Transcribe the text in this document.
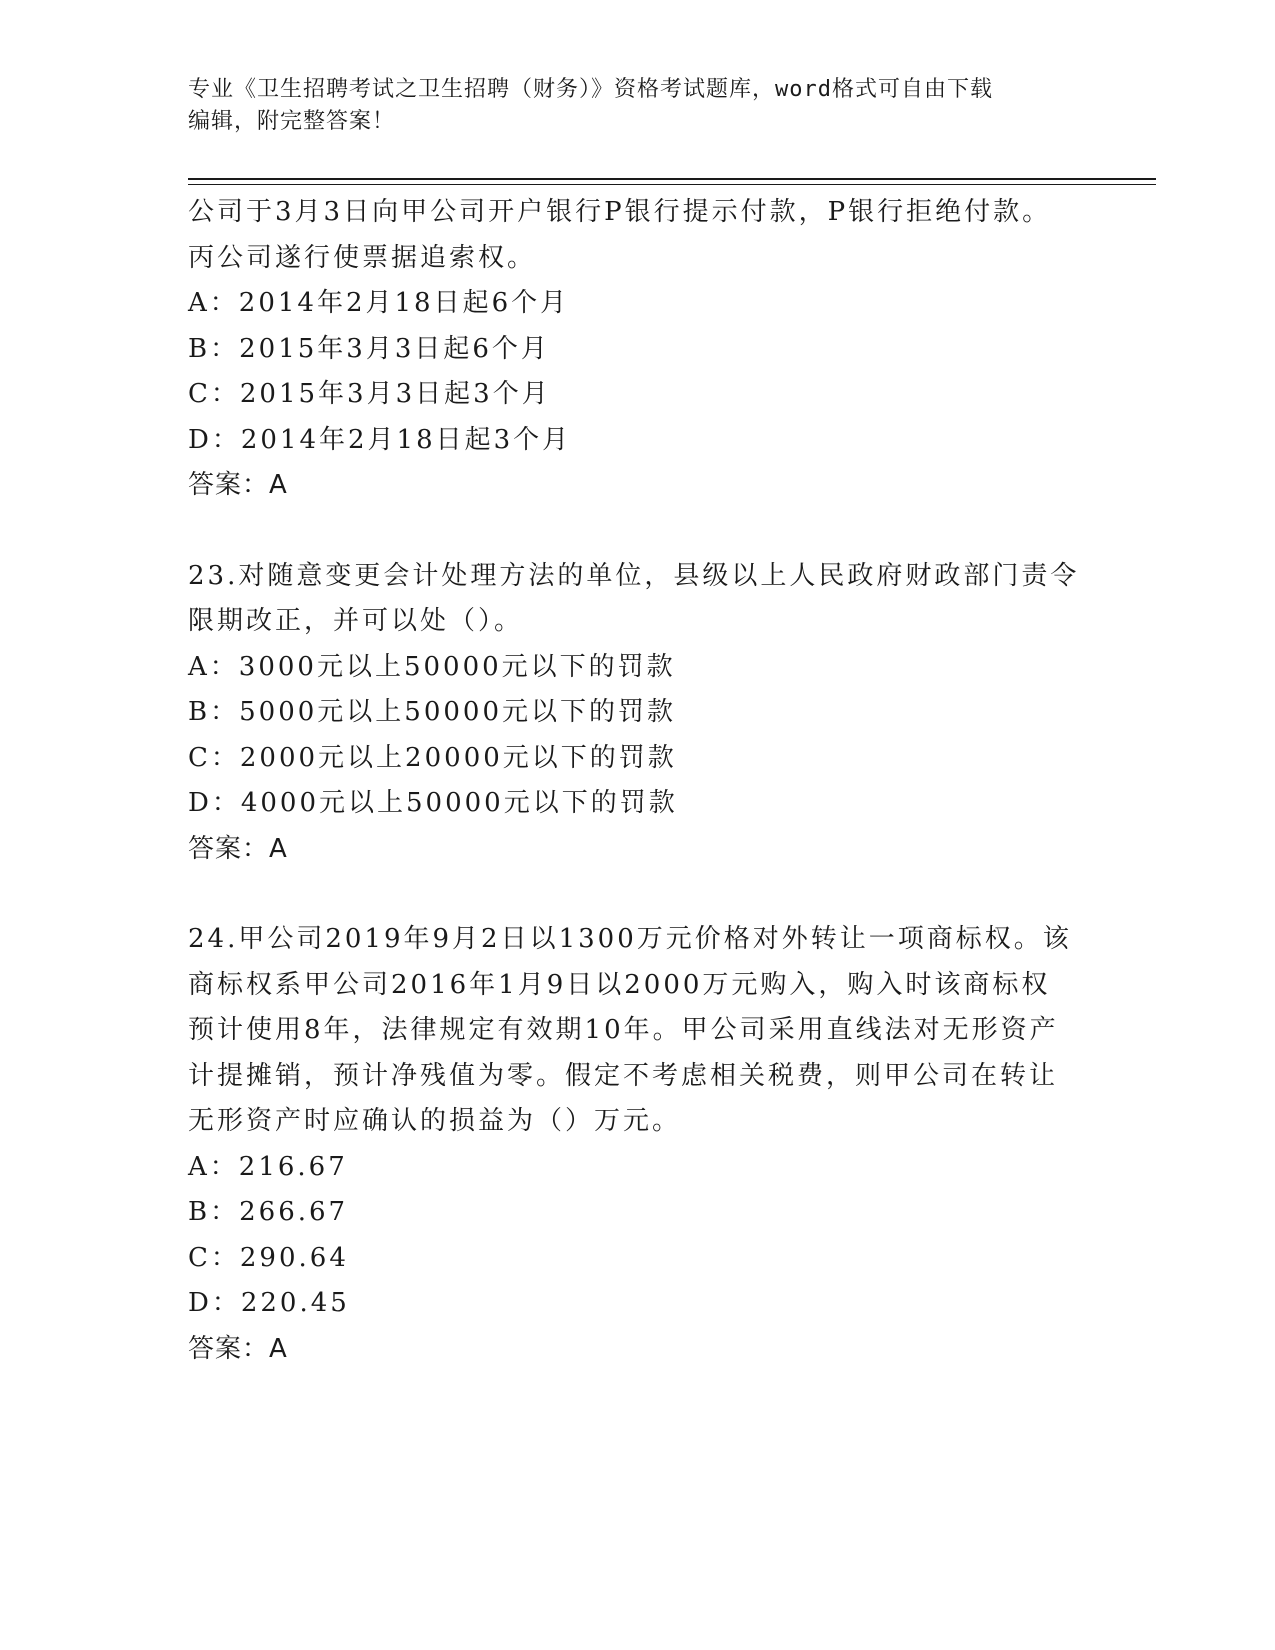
专业《卫生招聘考试之卫生招聘（财务）》资格考试题库，word格式可自由下载
编辑，附完整答案！
公司于3月3日向甲公司开户银行P银行提示付款，P银行拒绝付款。
丙公司遂行使票据追索权。
A：2014年2月18日起6个月
B：2015年3月3日起6个月
C：2015年3月3日起3个月
D：2014年2月18日起3个月
答案：A
23.对随意变更会计处理方法的单位，县级以上人民政府财政部门责令
限期改正，并可以处（）。
A：3000元以上50000元以下的罚款
B：5000元以上50000元以下的罚款
C：2000元以上20000元以下的罚款
D：4000元以上50000元以下的罚款
答案：A
24.甲公司2019年9月2日以1300万元价格对外转让一项商标权。该
商标权系甲公司2016年1月9日以2000万元购入，购入时该商标权
预计使用8年，法律规定有效期10年。甲公司采用直线法对无形资产
计提摊销，预计净残值为零。假定不考虑相关税费，则甲公司在转让
无形资产时应确认的损益为（）万元。
A：216.67
B：266.67
C：290.64
D：220.45
答案：A
